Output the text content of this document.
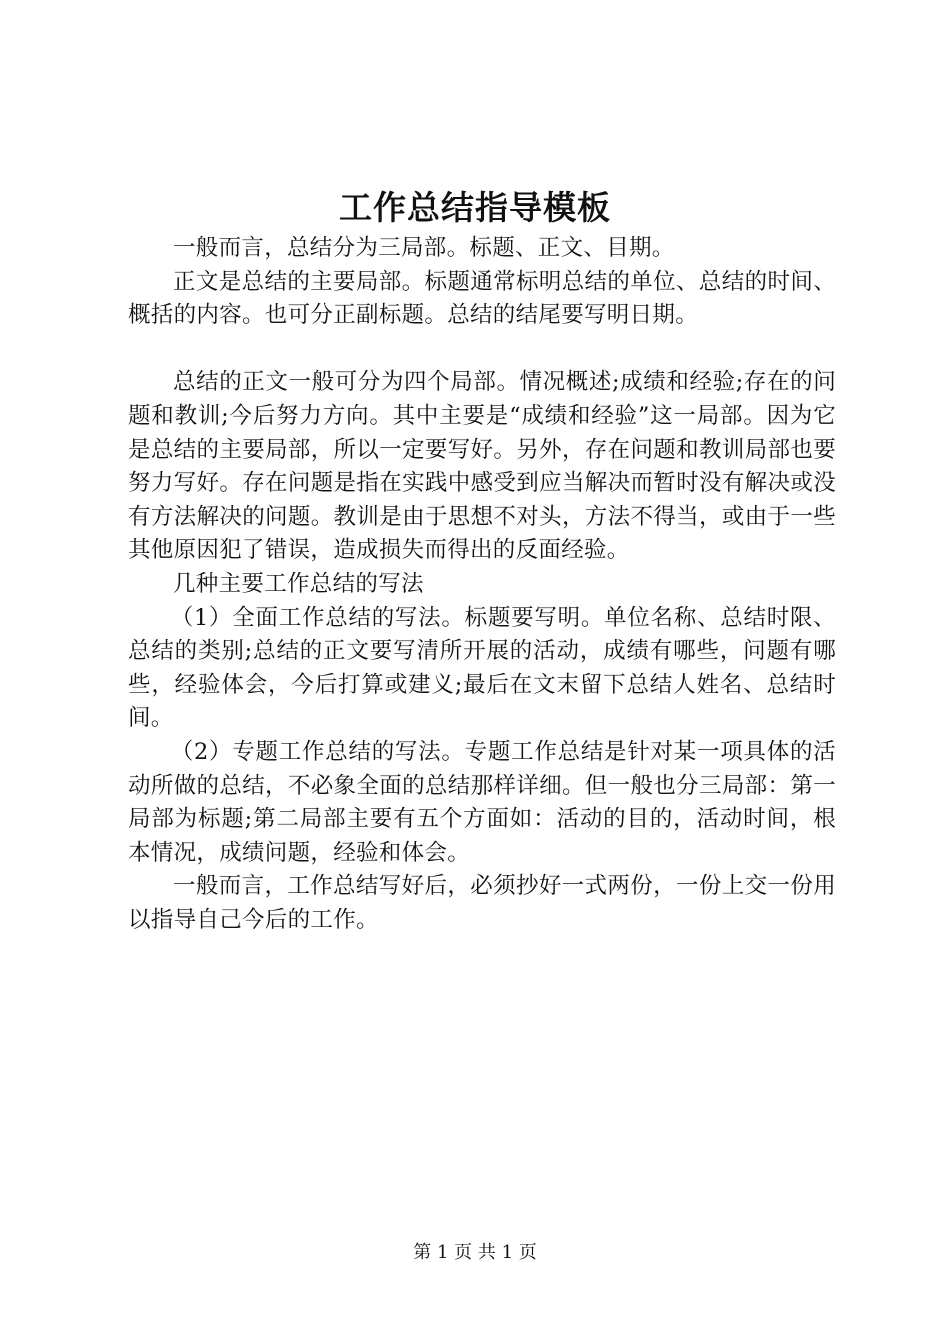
工作总结指导模板

一般而言，总结分为三局部。标题、正文、目期。

正文是总结的主要局部。标题通常标明总结的单位、总结的时间、概括的内容。也可分正副标题。总结的结尾要写明日期。

总结的正文一般可分为四个局部。情况概述;成绩和经验;存在的问题和教训;今后努力方向。其中主要是“成绩和经验”这一局部。因为它是总结的主要局部，所以一定要写好。另外，存在问题和教训局部也要努力写好。存在问题是指在实践中感受到应当解决而暂时没有解决或没有方法解决的问题。教训是由于思想不对头，方法不得当，或由于一些其他原因犯了错误，造成损失而得出的反面经验。

几种主要工作总结的写法

（1）全面工作总结的写法。标题要写明。单位名称、总结时限、总结的类别;总结的正文要写清所开展的活动，成绩有哪些，问题有哪些，经验体会，今后打算或建义;最后在文末留下总结人姓名、总结时间。

（2）专题工作总结的写法。专题工作总结是针对某一项具体的活动所做的总结，不必象全面的总结那样详细。但一般也分三局部：第一局部为标题;第二局部主要有五个方面如：活动的目的，活动时间，根本情况，成绩问题，经验和体会。

一般而言，工作总结写好后，必须抄好一式两份，一份上交一份用以指导自己今后的工作。

第 1 页 共 1 页
